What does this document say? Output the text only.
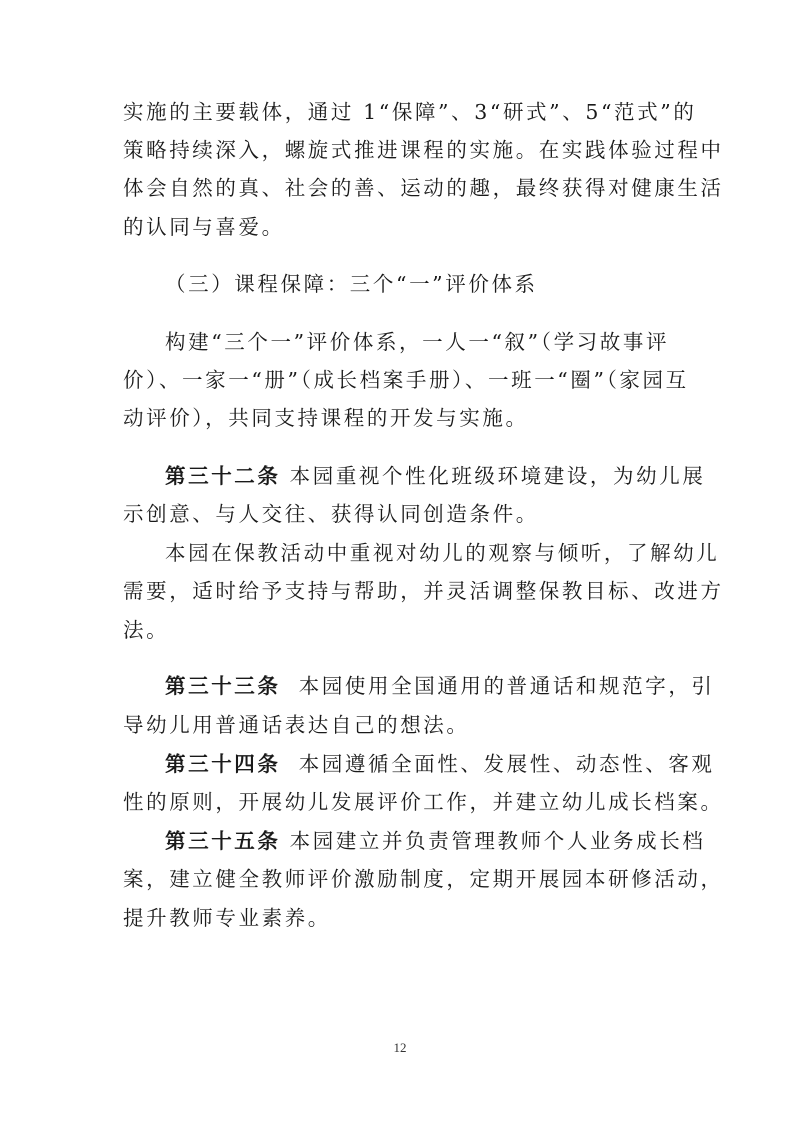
实施的主要载体，通过 1“保障”、3“研式”、5“范式”的
策略持续深入，螺旋式推进课程的实施。在实践体验过程中
体会自然的真、社会的善、运动的趣，最终获得对健康生活
的认同与喜爱。
（三）课程保障：三个“一”评价体系
构建“三个一”评价体系，一人一“叙”（学习故事评
价）、一家一“册”（成长档案手册）、一班一“圈”（家园互
动评价），共同支持课程的开发与实施。
第三十二条 本园重视个性化班级环境建设，为幼儿展
示创意、与人交往、获得认同创造条件。
本园在保教活动中重视对幼儿的观察与倾听，了解幼儿
需要，适时给予支持与帮助，并灵活调整保教目标、改进方
法。
第三十三条  本园使用全国通用的普通话和规范字，引
导幼儿用普通话表达自己的想法。
第三十四条  本园遵循全面性、发展性、动态性、客观
性的原则，开展幼儿发展评价工作，并建立幼儿成长档案。
第三十五条 本园建立并负责管理教师个人业务成长档
案，建立健全教师评价激励制度，定期开展园本研修活动，
提升教师专业素养。
12
